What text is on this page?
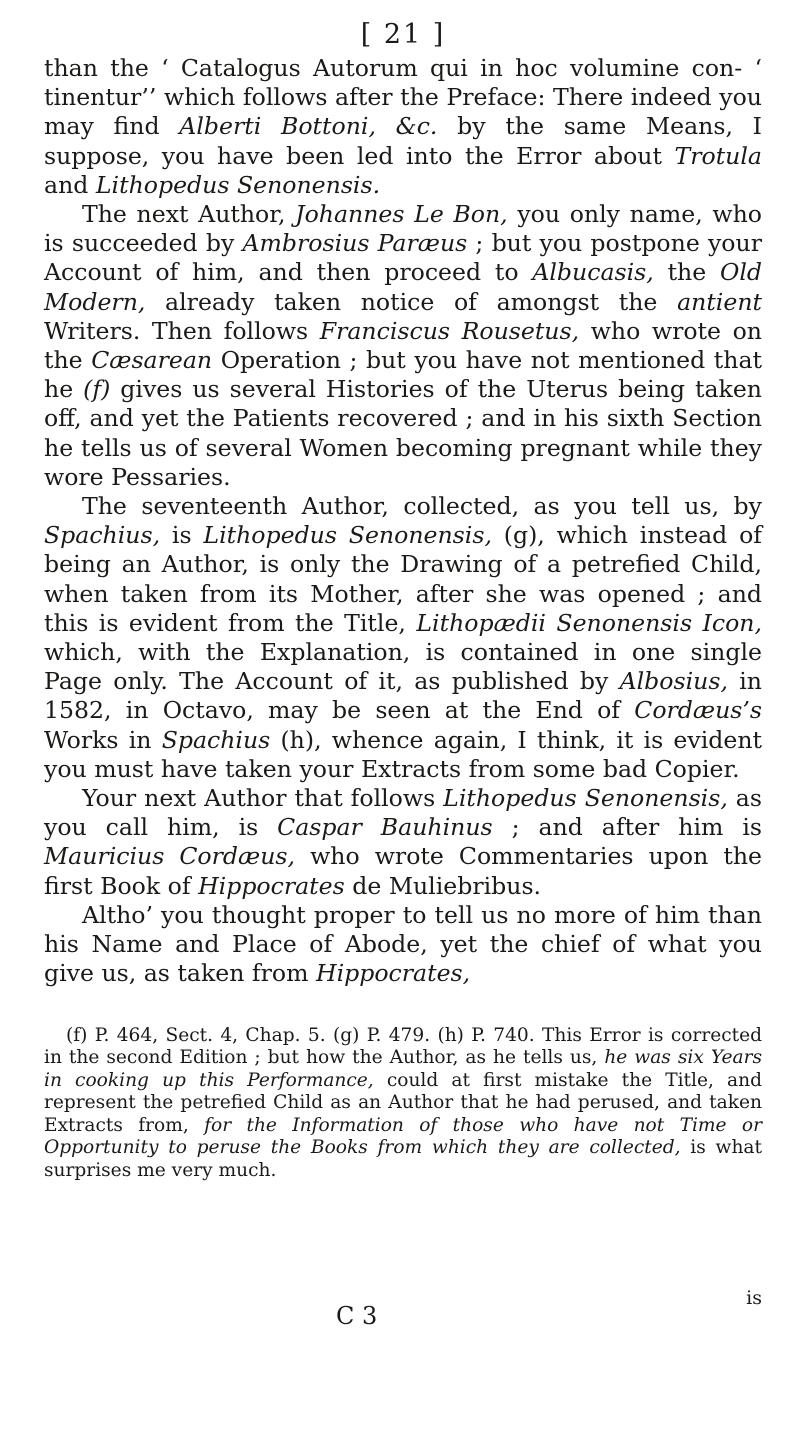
[ 21 ]

than the ‘ Catalogus Autorum qui in hoc volumine con‑ ‘ tinentur’’ which follows after the Preface: There indeed you may find Alberti Bottoni, &c. by the same Means, I suppose, you have been led into the Error about Trotula and Lithopedus Senonensis.

The next Author, Johannes Le Bon, you only name, who is succeeded by Ambrosius Paræus ; but you postpone your Account of him, and then proceed to Albucasis, the Old Modern, already taken notice of amongst the antient Writers. Then follows Franciscus Rousetus, who wrote on the Cæsarean Operation ; but you have not mentioned that he (f) gives us several Histories of the Uterus being taken off, and yet the Patients recovered ; and in his sixth Section he tells us of several Women becoming pregnant while they wore Pessaries.

The seventeenth Author, collected, as you tell us, by Spachius, is Lithopedus Senonensis, (g), which instead of being an Author, is only the Drawing of a petrefied Child, when taken from its Mother, after she was opened ; and this is evident from the Title, Lithopædii Senonensis Icon, which, with the Explanation, is contained in one single Page only. The Account of it, as published by Albosius, in 1582, in Octavo, may be seen at the End of Cordæus’s Works in Spachius (h), whence again, I think, it is evident you must have taken your Extracts from some bad Copier.

Your next Author that follows Lithopedus Senonensis, as you call him, is Caspar Bauhinus ; and after him is Mauricius Cordæus, who wrote Commentaries upon the first Book of Hippocrates de Muliebribus.

Altho’ you thought proper to tell us no more of him than his Name and Place of Abode, yet the chief of what you give us, as taken from Hippocrates,

(f) P. 464, Sect. 4, Chap. 5. (g) P. 479. (h) P. 740. This Error is corrected in the second Edition ; but how the Author, as he tells us, he was six Years in cooking up this Performance, could at first mistake the Title, and represent the petrefied Child as an Author that he had perused, and taken Extracts from, for the Information of those who have not Time or Opportunity to peruse the Books from which they are collected, is what surprises me very much.

is
C 3
